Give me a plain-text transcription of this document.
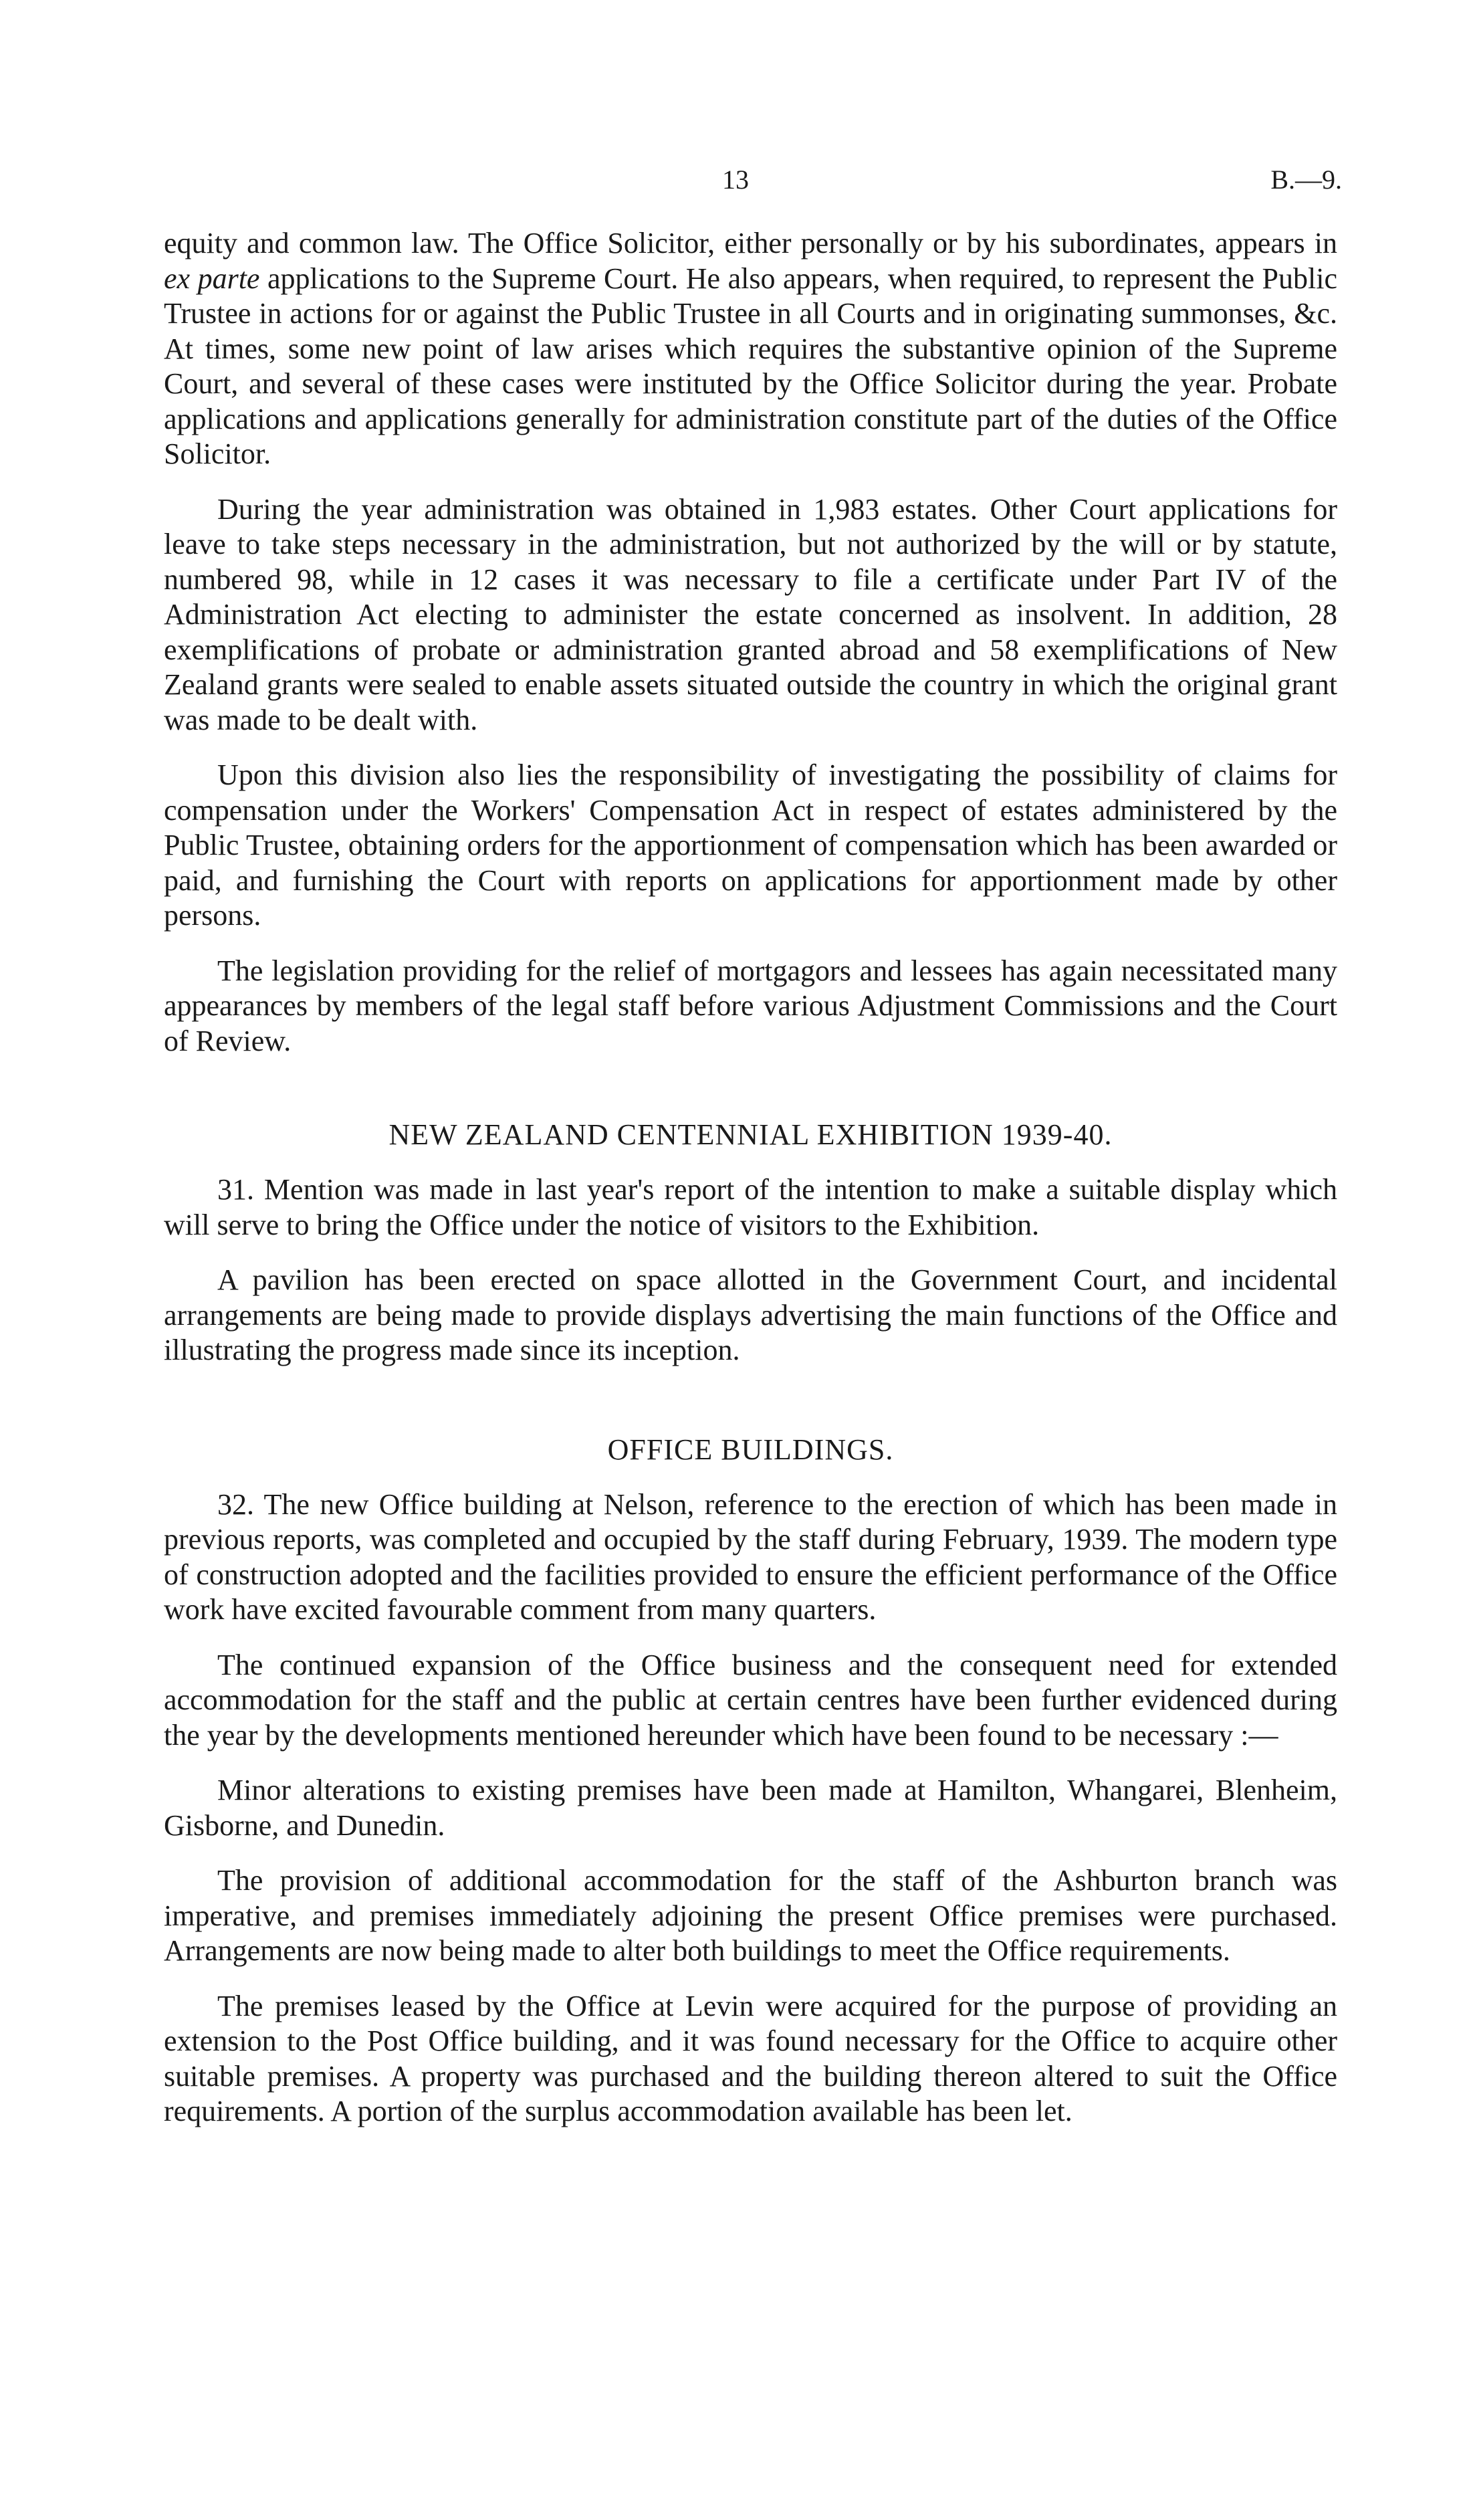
13	B.—9.

equity and common law. The Office Solicitor, either personally or by his subordinates, appears in ex parte applications to the Supreme Court. He also appears, when required, to represent the Public Trustee in actions for or against the Public Trustee in all Courts and in originating summonses, &c. At times, some new point of law arises which requires the substantive opinion of the Supreme Court, and several of these cases were instituted by the Office Solicitor during the year. Probate applications and applications generally for administration constitute part of the duties of the Office Solicitor.

During the year administration was obtained in 1,983 estates. Other Court applications for leave to take steps necessary in the administration, but not authorized by the will or by statute, numbered 98, while in 12 cases it was necessary to file a certificate under Part IV of the Administration Act electing to administer the estate concerned as insolvent. In addition, 28 exemplifications of probate or administration granted abroad and 58 exemplifications of New Zealand grants were sealed to enable assets situated outside the country in which the original grant was made to be dealt with.

Upon this division also lies the responsibility of investigating the possibility of claims for compensation under the Workers' Compensation Act in respect of estates administered by the Public Trustee, obtaining orders for the apportionment of compensation which has been awarded or paid, and furnishing the Court with reports on applications for apportionment made by other persons.

The legislation providing for the relief of mortgagors and lessees has again necessitated many appearances by members of the legal staff before various Adjustment Commissions and the Court of Review.

NEW ZEALAND CENTENNIAL EXHIBITION 1939-40.

31. Mention was made in last year's report of the intention to make a suitable display which will serve to bring the Office under the notice of visitors to the Exhibition.

A pavilion has been erected on space allotted in the Government Court, and incidental arrangements are being made to provide displays advertising the main functions of the Office and illustrating the progress made since its inception.

OFFICE BUILDINGS.

32. The new Office building at Nelson, reference to the erection of which has been made in previous reports, was completed and occupied by the staff during February, 1939. The modern type of construction adopted and the facilities provided to ensure the efficient performance of the Office work have excited favourable comment from many quarters.

The continued expansion of the Office business and the consequent need for extended accommodation for the staff and the public at certain centres have been further evidenced during the year by the developments mentioned hereunder which have been found to be necessary :—

Minor alterations to existing premises have been made at Hamilton, Whangarei, Blenheim, Gisborne, and Dunedin.

The provision of additional accommodation for the staff of the Ashburton branch was imperative, and premises immediately adjoining the present Office premises were purchased. Arrangements are now being made to alter both buildings to meet the Office requirements.

The premises leased by the Office at Levin were acquired for the purpose of providing an extension to the Post Office building, and it was found necessary for the Office to acquire other suitable premises. A property was purchased and the building thereon altered to suit the Office requirements. A portion of the surplus accommodation available has been let.
